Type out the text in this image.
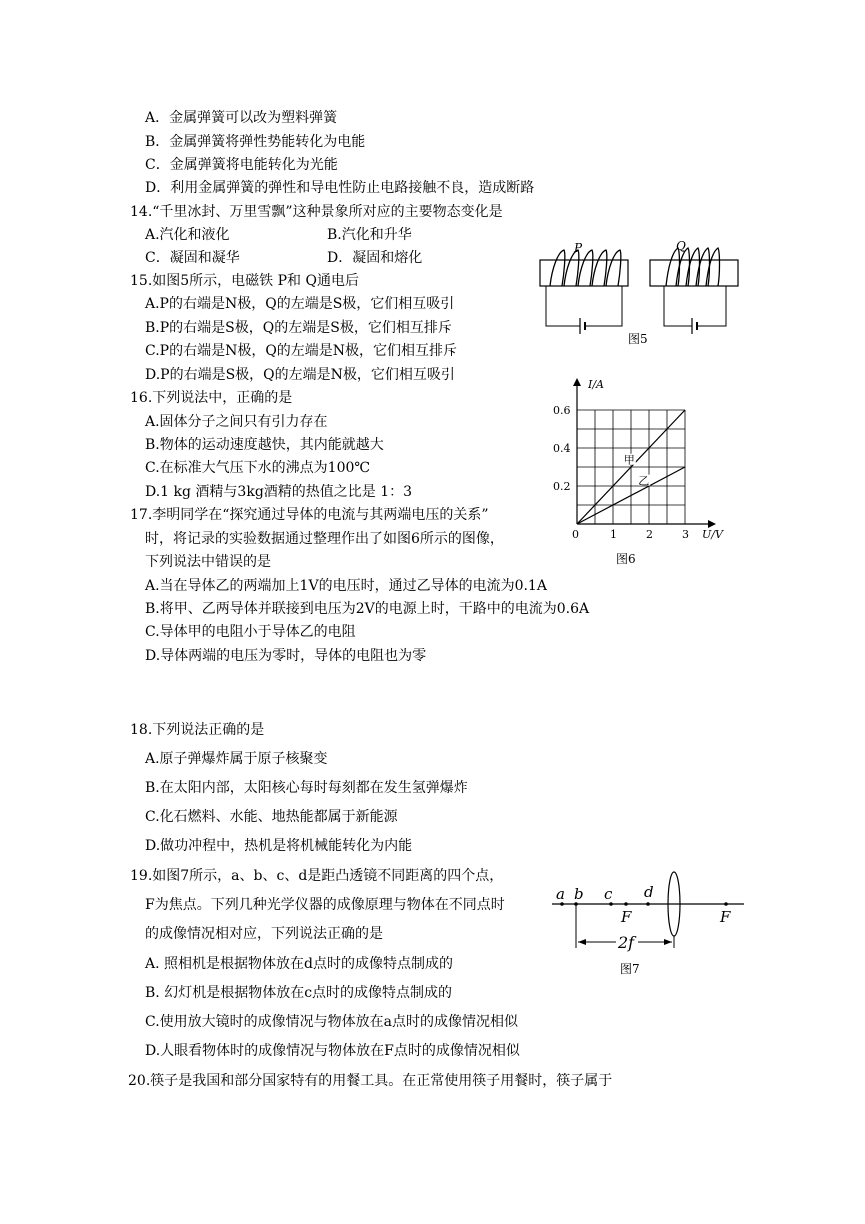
A．金属弹簧可以改为塑料弹簧
B．金属弹簧将弹性势能转化为电能
C．金属弹簧将电能转化为光能
D．利用金属弹簧的弹性和导电性防止电路接触不良，造成断路
14.“千里冰封、万里雪飘”这种景象所对应的主要物态变化是
A.汽化和液化	B.汽化和升华
C．凝固和凝华	D．凝固和熔化
15.如图5所示，电磁铁 P和 Q通电后
A.P的右端是N极，Q的左端是S极，它们相互吸引
B.P的右端是S极，Q的左端是S极，它们相互排斥
C.P的右端是N极，Q的左端是N极，它们相互排斥
D.P的右端是S极，Q的左端是N极，它们相互吸引
P	Q
图5
16.下列说法中，正确的是
A.固体分子之间只有引力存在
B.物体的运动速度越快，其内能就越大
C.在标准大气压下水的沸点为100℃
D.1 kg 酒精与3kg酒精的热值之比是 1：3
I/A
U/V
0
0.2
0.4
0.6
1	2	3
甲
乙
图6
17.李明同学在“探究通过导体的电流与其两端电压的关系”
时，将记录的实验数据通过整理作出了如图6所示的图像，
下列说法中错误的是
A.当在导体乙的两端加上1V的电压时，通过乙导体的电流为0.1A
B.将甲、乙两导体并联接到电压为2V的电源上时，干路中的电流为0.6A
C.导体甲的电阻小于导体乙的电阻
D.导体两端的电压为零时，导体的电阻也为零
18.下列说法正确的是
A.原子弹爆炸属于原子核聚变
B.在太阳内部，太阳核心每时每刻都在发生氢弹爆炸
C.化石燃料、水能、地热能都属于新能源
D.做功冲程中，热机是将机械能转化为内能
19.如图7所示，a、b、c、d是距凸透镜不同距离的四个点，
F为焦点。下列几种光学仪器的成像原理与物体在不同点时
的成像情况相对应，下列说法正确的是
A. 照相机是根据物体放在d点时的成像特点制成的
B. 幻灯机是根据物体放在c点时的成像特点制成的
C.使用放大镜时的成像情况与物体放在a点时的成像情况相似
D.人眼看物体时的成像情况与物体放在F点时的成像情况相似
a b c d
F	F
2f
图7
20.筷子是我国和部分国家特有的用餐工具。在正常使用筷子用餐时，筷子属于
